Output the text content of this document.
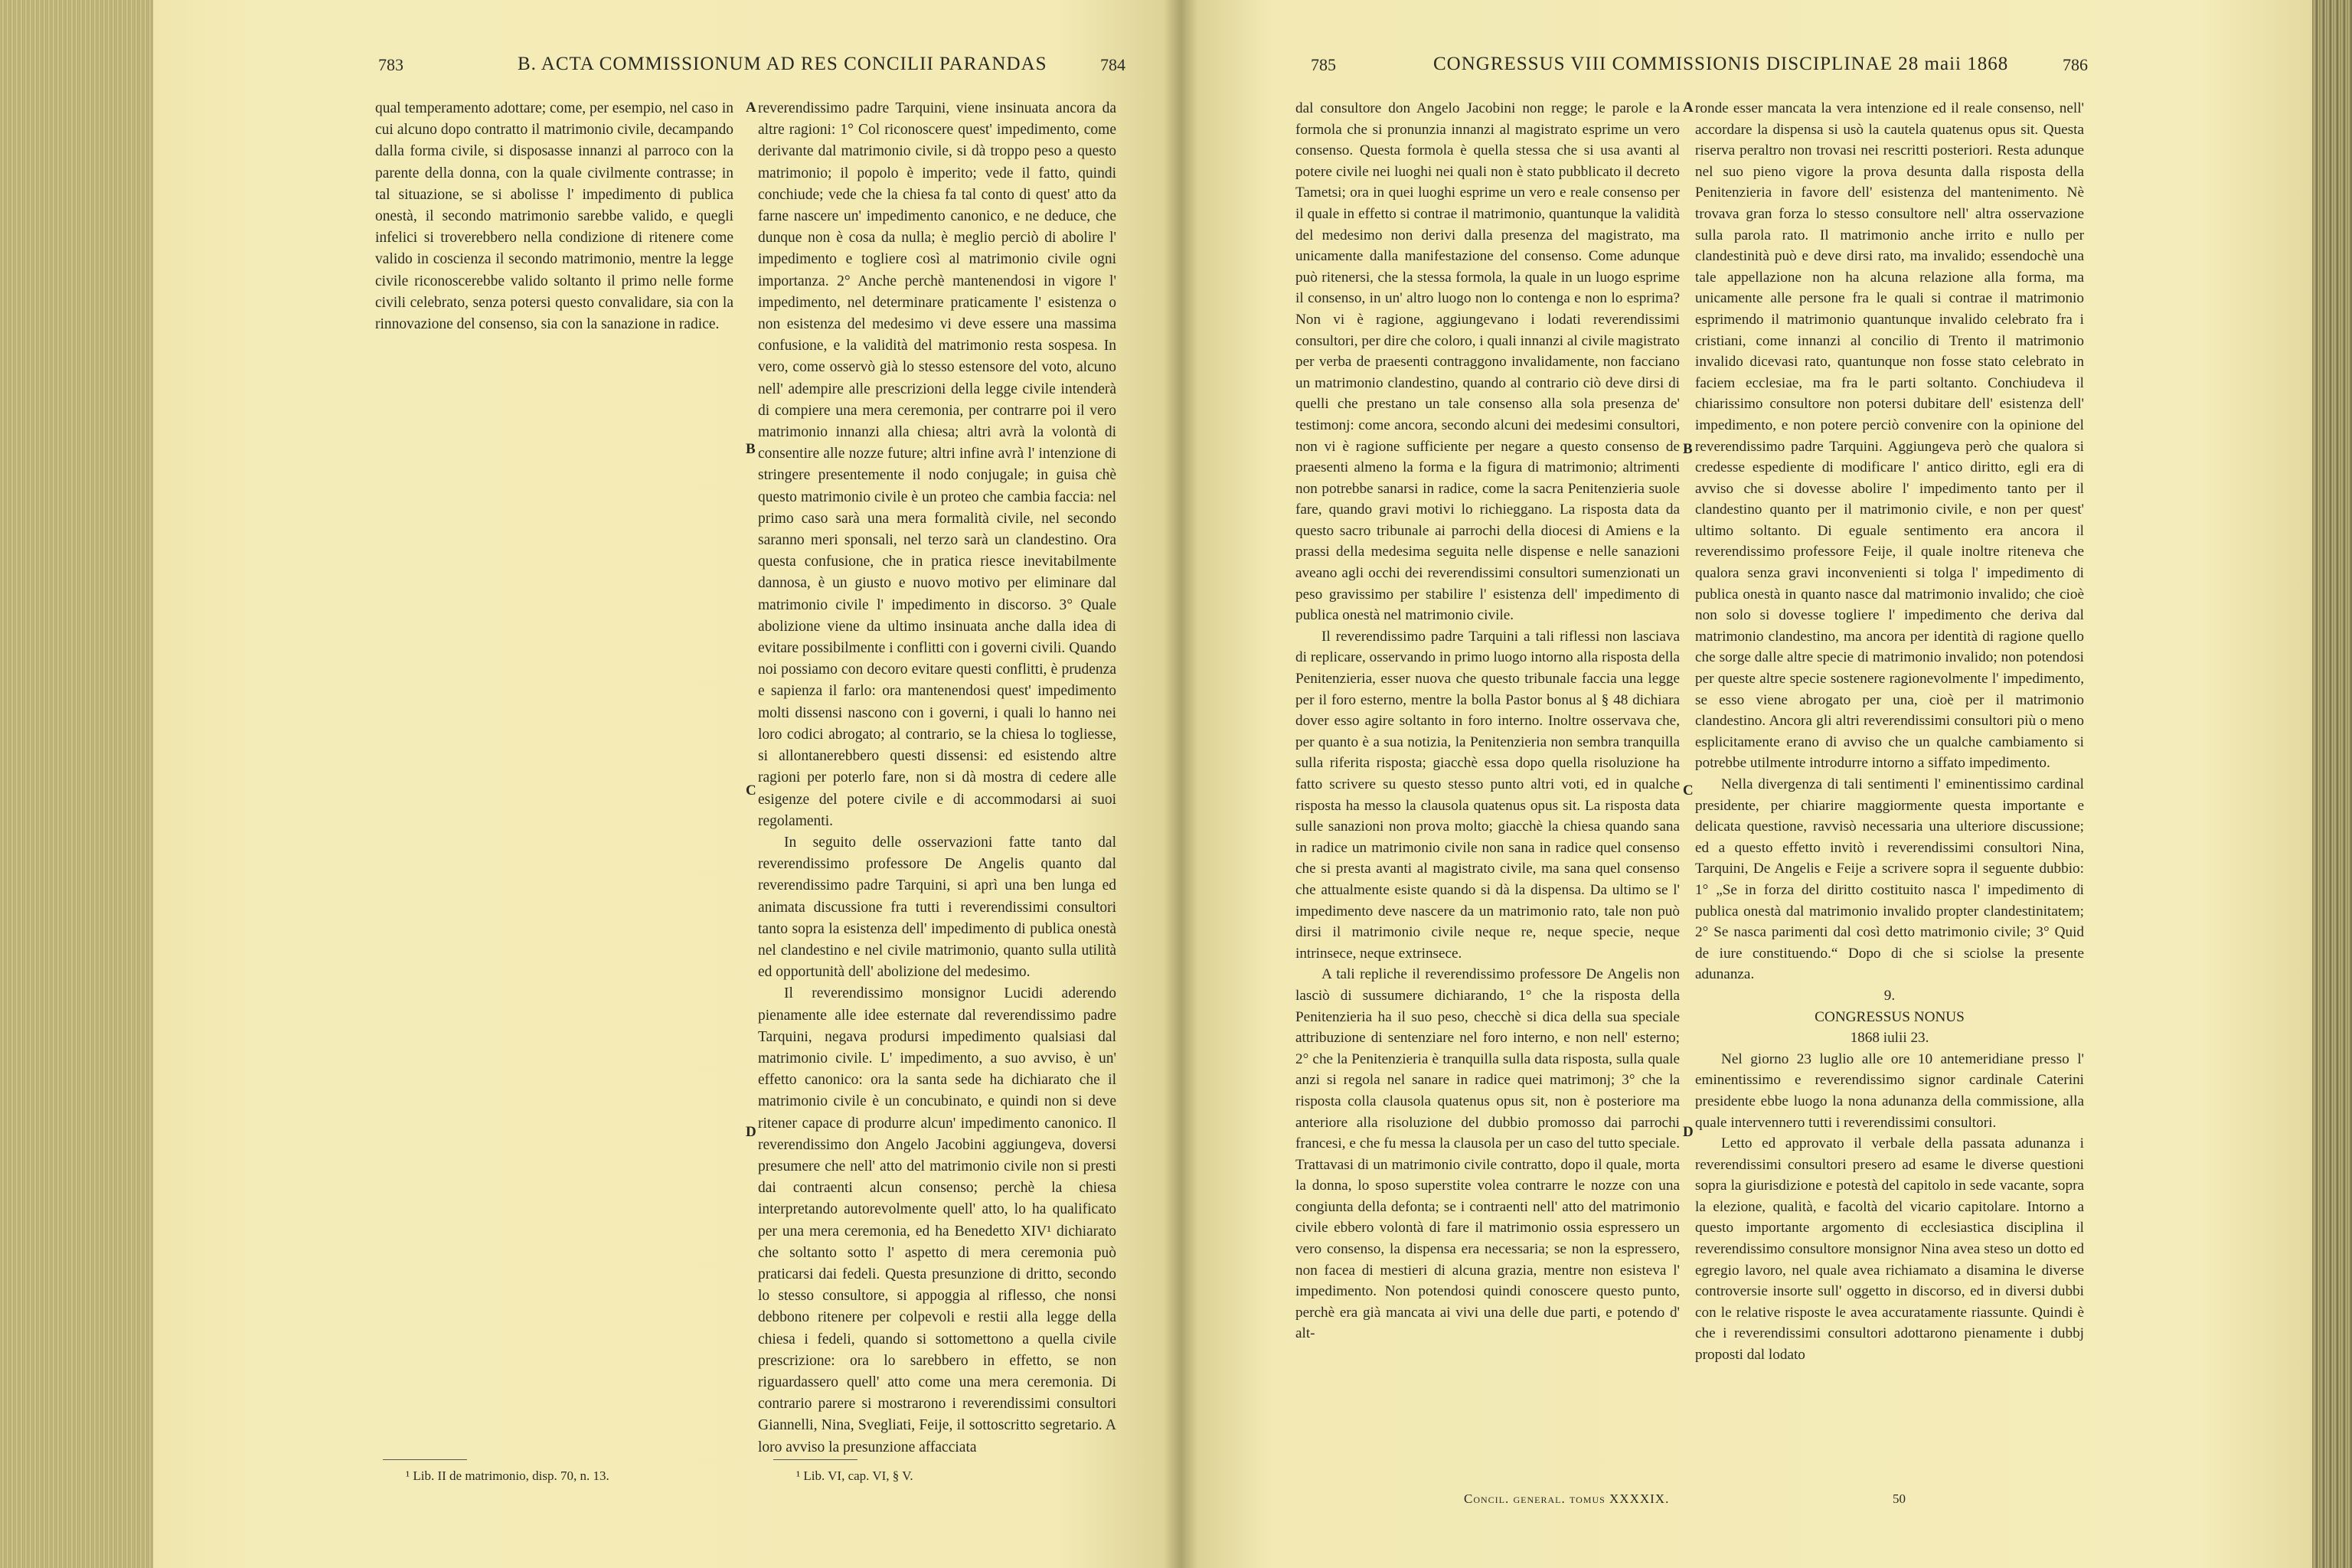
783	B. ACTA COMMISSIONUM AD RES CONCILII PARANDAS	784

qual temperamento adottare; come, per esempio, nel caso in cui alcuno dopo contratto il matrimonio civile, decampando dalla forma civile, si disposasse innanzi al parroco con la parente della donna, con la quale civilmente contrasse; in tal situazione, se si abolisse l' impedimento di publica onestà, il secondo matrimonio sarebbe valido, e quegli infelici si troverebbero nella condizione di ritenere come valido in coscienza il secondo matrimonio, mentre la legge civile riconoscerebbe valido soltanto il primo nelle forme civili celebrato, senza potersi questo convalidare, sia con la rinnovazione del consenso, sia con la sanazione in radice.

reverendissimo padre Tarquini, viene insinuata ancora da altre ragioni: 1° Col riconoscere quest' impedimento, come derivante dal matrimonio civile, si dà troppo peso a questo matrimonio; il popolo è imperito; vede il fatto, quindi conchiude; vede che la chiesa fa tal conto di quest' atto da farne nascere un' impedimento canonico, e ne deduce, che dunque non è cosa da nulla; è meglio perciò di abolire l' impedimento e togliere così al matrimonio civile ogni importanza. 2° Anche perchè mantenendosi in vigore l' impedimento, nel determinare praticamente l' esistenza o non esistenza del medesimo vi deve essere una massima confusione, e la validità del matrimonio resta sospesa. In vero, come osservò già lo stesso estensore del voto, alcuno nell' adempire alle prescrizioni della legge civile intenderà di compiere una mera ceremonia, per contrarre poi il vero matrimonio innanzi alla chiesa; altri avrà la volontà di consentire alle nozze future; altri infine avrà l' intenzione di stringere presentemente il nodo conjugale; in guisa chè questo matrimonio civile è un proteo che cambia faccia: nel primo caso sarà una mera formalità civile, nel secondo saranno meri sponsali, nel terzo sarà un clandestino. Ora questa confusione, che in pratica riesce inevitabilmente dannosa, è un giusto e nuovo motivo per eliminare dal matrimonio civile l' impedimento in discorso. 3° Quale abolizione viene da ultimo insinuata anche dalla idea di evitare possibilmente i conflitti con i governi civili. Quando noi possiamo con decoro evitare questi conflitti, è prudenza e sapienza il farlo: ora mantenendosi quest' impedimento molti dissensi nascono con i governi, i quali lo hanno nei loro codici abrogato; al contrario, se la chiesa lo togliesse, si allontanerebbero questi dissensi: ed esistendo altre ragioni per poterlo fare, non si dà mostra di cedere alle esigenze del potere civile e di accommodarsi ai suoi regolamenti.

In seguito delle osservazioni fatte tanto dal reverendissimo professore De Angelis quanto dal reverendissimo padre Tarquini, si aprì una ben lunga ed animata discussione fra tutti i reverendissimi consultori tanto sopra la esistenza dell' impedimento di publica onestà nel clandestino e nel civile matrimonio, quanto sulla utilità ed opportunità dell' abolizione del medesimo.

Il reverendissimo monsignor Lucidi aderendo pienamente alle idee esternate dal reverendissimo padre Tarquini, negava prodursi impedimento qualsiasi dal matrimonio civile. L' impedimento, a suo avviso, è un' effetto canonico: ora la santa sede ha dichiarato che il matrimonio civile è un concubinato, e quindi non si deve ritener capace di produrre alcun' impedimento canonico. Il reverendissimo don Angelo Jacobini aggiungeva, doversi presumere che nell' atto del matrimonio civile non si presti dai contraenti alcun consenso; perchè la chiesa interpretando autorevolmente quell' atto, lo ha qualificato per una mera ceremonia, ed ha Benedetto XIV¹ dichiarato che soltanto sotto l' aspetto di mera ceremonia può praticarsi dai fedeli. Questa presunzione di dritto, secondo lo stesso consultore, si appoggia al riflesso, che nonsi debbono ritenere per colpevoli e restii alla legge della chiesa i fedeli, quando si sottomettono a quella civile prescrizione: ora lo sarebbero in effetto, se non riguardassero quell' atto come una mera ceremonia. Di contrario parere si mostrarono i reverendissimi consultori Giannelli, Nina, Svegliati, Feije, il sottoscritto segretario. A loro avviso la presunzione affacciata

A
B
C
D
¹ Lib. II de matrimonio, disp. 70, n. 13.	¹ Lib. VI, cap. VI, § V.
785	CONGRESSUS VIII COMMISSIONIS DISCIPLINAE 28 maii 1868	786

dal consultore don Angelo Jacobini non regge; le parole e la formola che si pronunzia innanzi al magistrato esprime un vero consenso. Questa formola è quella stessa che si usa avanti al potere civile nei luoghi nei quali non è stato pubblicato il decreto Tametsi; ora in quei luoghi esprime un vero e reale consenso per il quale in effetto si contrae il matrimonio, quantunque la validità del medesimo non derivi dalla presenza del magistrato, ma unicamente dalla manifestazione del consenso. Come adunque può ritenersi, che la stessa formola, la quale in un luogo esprime il consenso, in un' altro luogo non lo contenga e non lo esprima? Non vi è ragione, aggiungevano i lodati reverendissimi consultori, per dire che coloro, i quali innanzi al civile magistrato per verba de praesenti contraggono invalidamente, non facciano un matrimonio clandestino, quando al contrario ciò deve dirsi di quelli che prestano un tale consenso alla sola presenza de' testimonj: come ancora, secondo alcuni dei medesimi consultori, non vi è ragione sufficiente per negare a questo consenso de praesenti almeno la forma e la figura di matrimonio; altrimenti non potrebbe sanarsi in radice, come la sacra Penitenzieria suole fare, quando gravi motivi lo richieggano. La risposta data da questo sacro tribunale ai parrochi della diocesi di Amiens e la prassi della medesima seguita nelle dispense e nelle sanazioni aveano agli occhi dei reverendissimi consultori sumenzionati un peso gravissimo per stabilire l' esistenza dell' impedimento di publica onestà nel matrimonio civile.

Il reverendissimo padre Tarquini a tali riflessi non lasciava di replicare, osservando in primo luogo intorno alla risposta della Penitenzieria, esser nuova che questo tribunale faccia una legge per il foro esterno, mentre la bolla Pastor bonus al § 48 dichiara dover esso agire soltanto in foro interno. Inoltre osservava che, per quanto è a sua notizia, la Penitenzieria non sembra tranquilla sulla riferita risposta; giacchè essa dopo quella risoluzione ha fatto scrivere su questo stesso punto altri voti, ed in qualche risposta ha messo la clausola quatenus opus sit. La risposta data sulle sanazioni non prova molto; giacchè la chiesa quando sana in radice un matrimonio civile non sana in radice quel consenso che si presta avanti al magistrato civile, ma sana quel consenso che attualmente esiste quando si dà la dispensa. Da ultimo se l' impedimento deve nascere da un matrimonio rato, tale non può dirsi il matrimonio civile neque re, neque specie, neque intrinsece, neque extrinsece.

A tali repliche il reverendissimo professore De Angelis non lasciò di sussumere dichiarando, 1° che la risposta della Penitenzieria ha il suo peso, checchè si dica della sua speciale attribuzione di sentenziare nel foro interno, e non nell' esterno; 2° che la Penitenzieria è tranquilla sulla data risposta, sulla quale anzi si regola nel sanare in radice quei matrimonj; 3° che la risposta colla clausola quatenus opus sit, non è posteriore ma anteriore alla risoluzione del dubbio promosso dai parrochi francesi, e che fu messa la clausola per un caso del tutto speciale. Trattavasi di un matrimonio civile contratto, dopo il quale, morta la donna, lo sposo superstite volea contrarre le nozze con una congiunta della defonta; se i contraenti nell' atto del matrimonio civile ebbero volontà di fare il matrimonio ossia espressero un vero consenso, la dispensa era necessaria; se non la espressero, non facea di mestieri di alcuna grazia, mentre non esisteva l' impedimento. Non potendosi quindi conoscere questo punto, perchè era già mancata ai vivi una delle due parti, e potendo d' alt-

ronde esser mancata la vera intenzione ed il reale consenso, nell' accordare la dispensa si usò la cautela quatenus opus sit. Questa riserva peraltro non trovasi nei rescritti posteriori. Resta adunque nel suo pieno vigore la prova desunta dalla risposta della Penitenzieria in favore dell' esistenza del mantenimento. Nè trovava gran forza lo stesso consultore nell' altra osservazione sulla parola rato. Il matrimonio anche irrito e nullo per clandestinità può e deve dirsi rato, ma invalido; essendochè una tale appellazione non ha alcuna relazione alla forma, ma unicamente alle persone fra le quali si contrae il matrimonio esprimendo il matrimonio quantunque invalido celebrato fra i cristiani, come innanzi al concilio di Trento il matrimonio invalido dicevasi rato, quantunque non fosse stato celebrato in faciem ecclesiae, ma fra le parti soltanto. Conchiudeva il chiarissimo consultore non potersi dubitare dell' esistenza dell' impedimento, e non potere perciò convenire con la opinione del reverendissimo padre Tarquini. Aggiungeva però che qualora si credesse espediente di modificare l' antico diritto, egli era di avviso che si dovesse abolire l' impedimento tanto per il clandestino quanto per il matrimonio civile, e non per quest' ultimo soltanto. Di eguale sentimento era ancora il reverendissimo professore Feije, il quale inoltre riteneva che qualora senza gravi inconvenienti si tolga l' impedimento di publica onestà in quanto nasce dal matrimonio invalido; che cioè non solo si dovesse togliere l' impedimento che deriva dal matrimonio clandestino, ma ancora per identità di ragione quello che sorge dalle altre specie di matrimonio invalido; non potendosi per queste altre specie sostenere ragionevolmente l' impedimento, se esso viene abrogato per una, cioè per il matrimonio clandestino. Ancora gli altri reverendissimi consultori più o meno esplicitamente erano di avviso che un qualche cambiamento si potrebbe utilmente introdurre intorno a siffato impedimento.

Nella divergenza di tali sentimenti l' eminentissimo cardinal presidente, per chiarire maggiormente questa importante e delicata questione, ravvisò necessaria una ulteriore discussione; ed a questo effetto invitò i reverendissimi consultori Nina, Tarquini, De Angelis e Feije a scrivere sopra il seguente dubbio: 1° „Se in forza del diritto costituito nasca l' impedimento di publica onestà dal matrimonio invalido propter clandestinitatem; 2° Se nasca parimenti dal così detto matrimonio civile; 3° Quid de iure constituendo.“ Dopo di che si sciolse la presente adunanza.

9.

CONGRESSUS NONUS

1868 iulii 23.

Nel giorno 23 luglio alle ore 10 antemeridiane presso l' eminentissimo e reverendissimo signor cardinale Caterini presidente ebbe luogo la nona adunanza della commissione, alla quale intervennero tutti i reverendissimi consultori.

Letto ed approvato il verbale della passata adunanza i reverendissimi consultori presero ad esame le diverse questioni sopra la giurisdizione e potestà del capitolo in sede vacante, sopra la elezione, qualità, e facoltà del vicario capitolare. Intorno a questo importante argomento di ecclesiastica disciplina il reverendissimo consultore monsignor Nina avea steso un dotto ed egregio lavoro, nel quale avea richiamato a disamina le diverse controversie insorte sull' oggetto in discorso, ed in diversi dubbi con le relative risposte le avea accuratamente riassunte. Quindi è che i reverendissimi consultori adottarono pienamente i dubbj proposti dal lodato

A
B
C
D
Concil. general. tomus XXXXIX.	50
